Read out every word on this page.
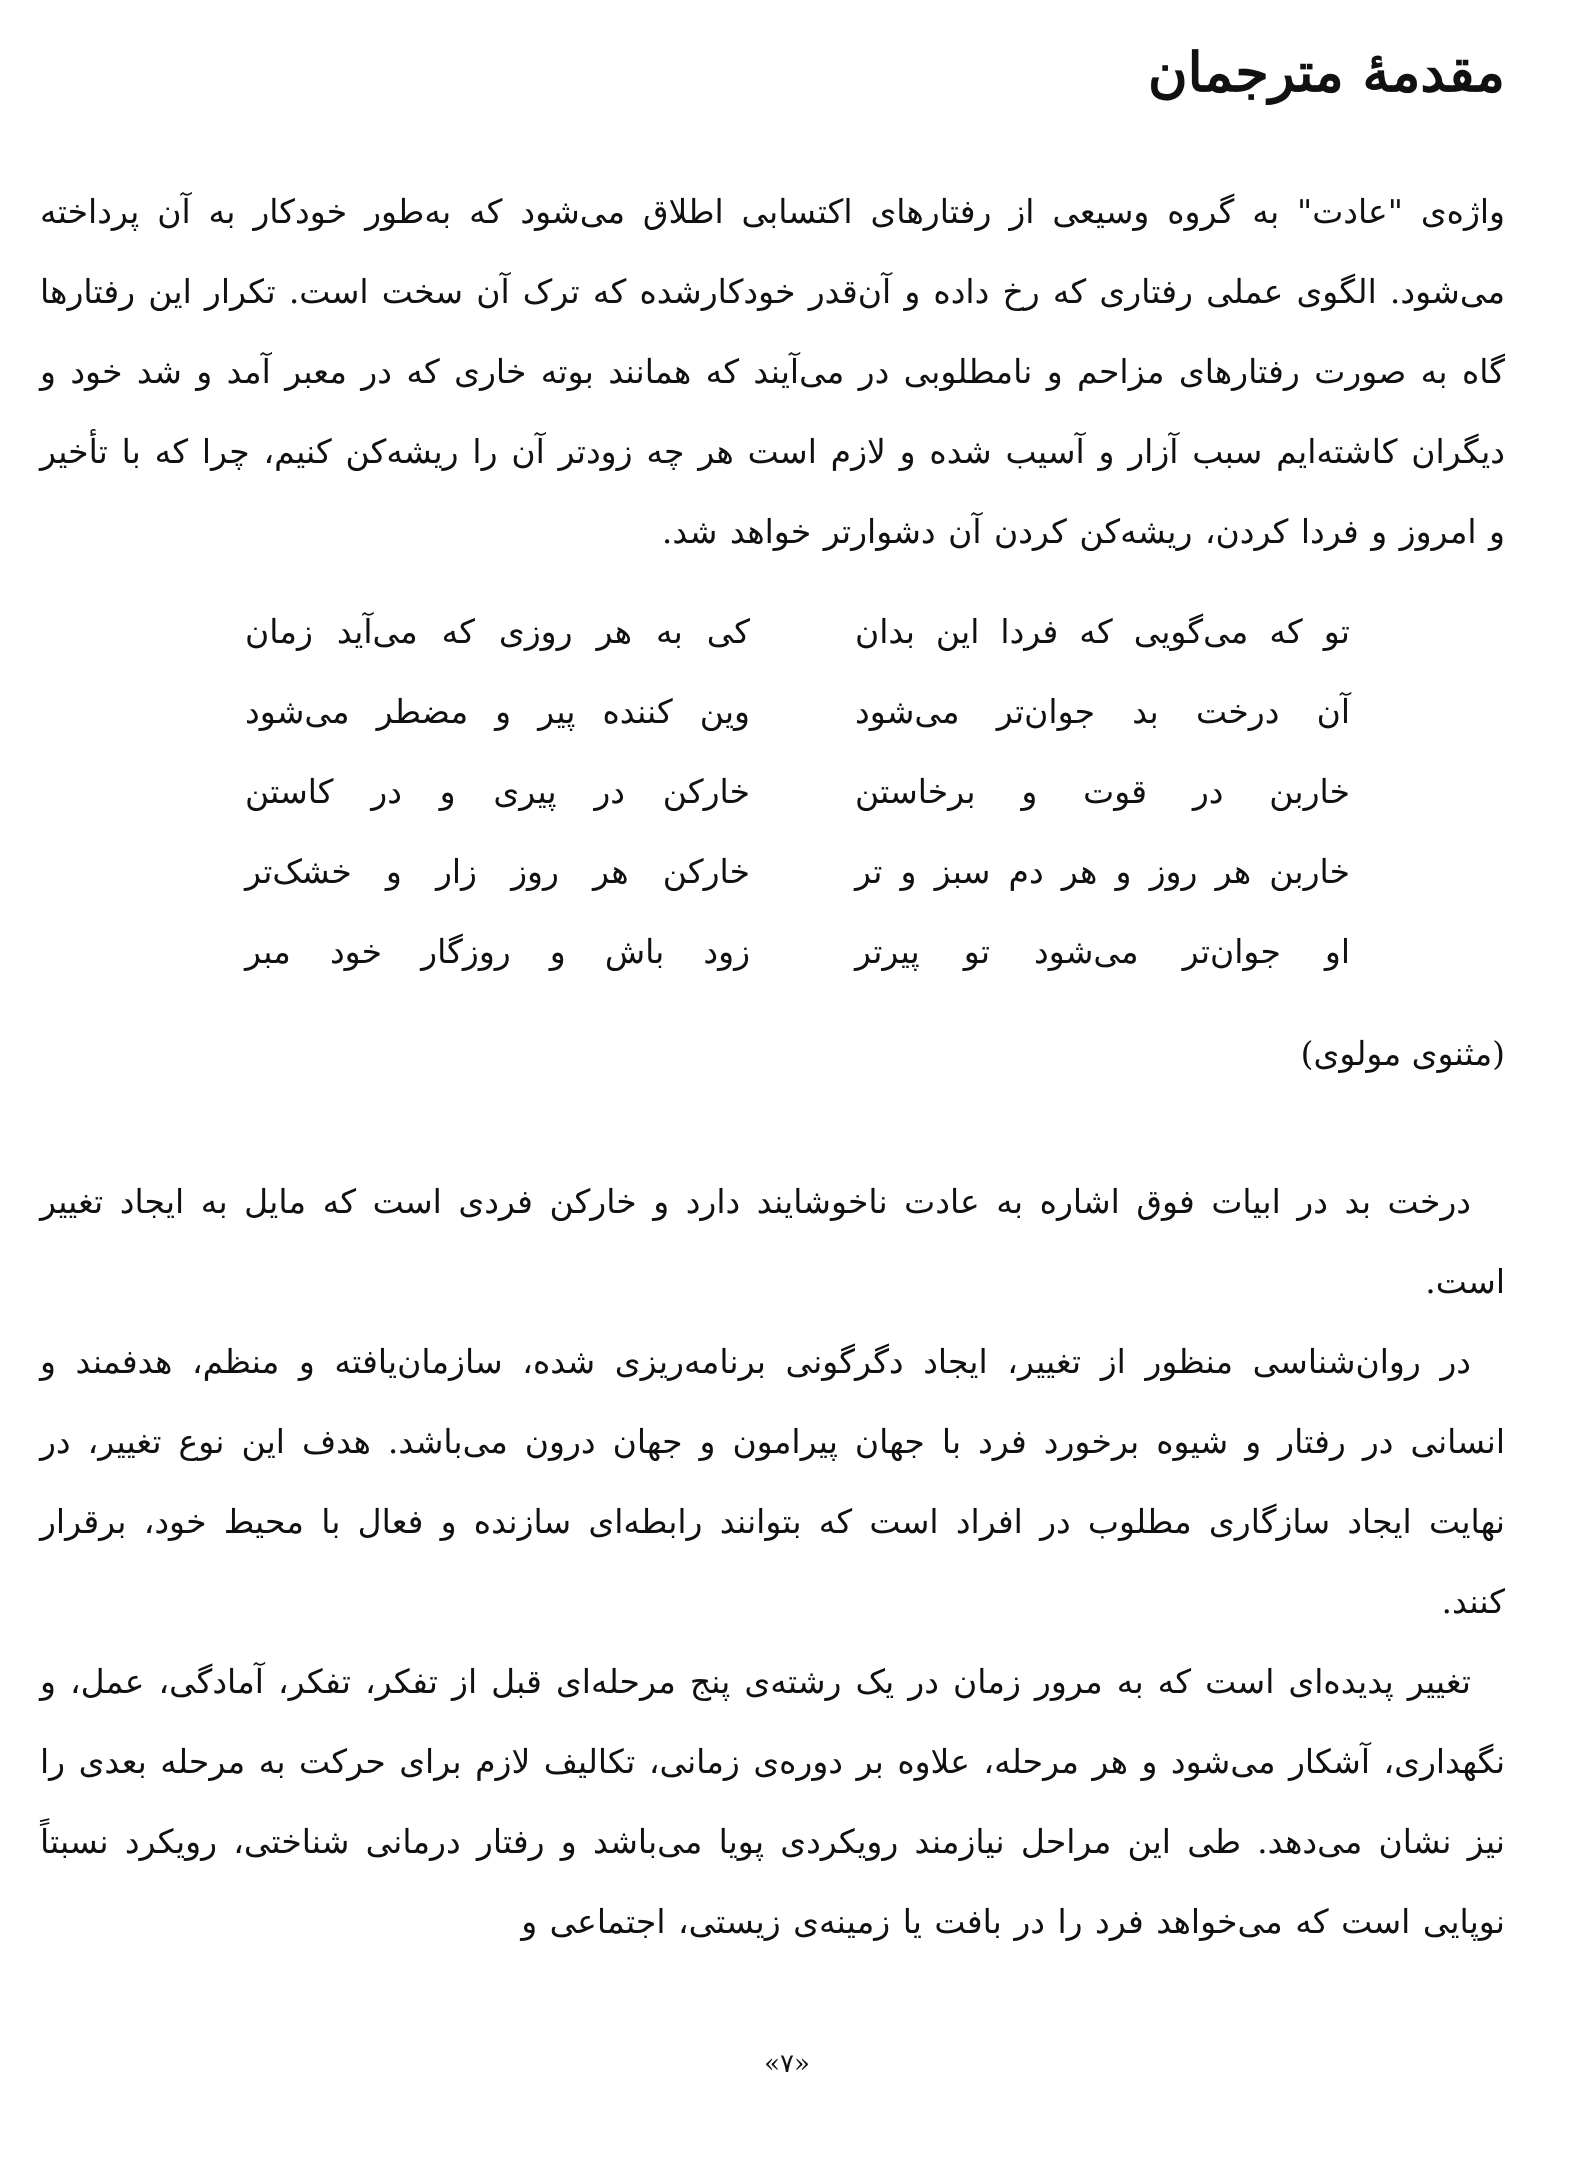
مقدمهٔ مترجمان

واژه‌ی "عادت" به گروه وسیعی از رفتارهای اکتسابی اطلاق می‌شود که به‌طور خودکار به آن پرداخته می‌شود. الگوی عملی رفتاری که رخ داده و آن‌قدر خودکارشده که ترک آن سخت است. تکرار این رفتارها گاه به صورت رفتارهای مزاحم و نامطلوبی در می‌آیند که همانند بوته خاری که در معبر آمد و شد خود و دیگران کاشته‌ایم سبب آزار و آسیب شده و لازم است هر چه زودتر آن را ریشه‌کن کنیم، چرا که با تأخیر و امروز و فردا کردن، ریشه‌کن کردن آن دشوارتر خواهد شد.

تو که می‌گویی که فردا این بدان
کی به هر روزی که می‌آید زمان
آن درخت بد جوان‌تر می‌شود
وین کننده پیر و مضطر می‌شود
خاربن در قوت و برخاستن
خارکن در پیری و در کاستن
خاربن هر روز و هر دم سبز و تر
خارکن هر روز زار و خشک‌تر
او جوان‌تر می‌شود تو پیرتر
زود باش و روزگار خود مبر
(مثنوی مولوی)

درخت بد در ابیات فوق اشاره به عادت ناخوشایند دارد و خارکن فردی است که مایل به ایجاد تغییر است.

در روان‌شناسی منظور از تغییر، ایجاد دگرگونی برنامه‌ریزی شده، سازمان‌یافته و منظم، هدفمند و انسانی در رفتار و شیوه برخورد فرد با جهان پیرامون و جهان درون می‌باشد. هدف این نوع تغییر، در نهایت ایجاد سازگاری مطلوب در افراد است که بتوانند رابطه‌ای سازنده و فعال با محیط خود، برقرار کنند.

تغییر پدیده‌ای است که به مرور زمان در یک رشته‌ی پنج مرحله‌ای قبل از تفکر، تفکر، آمادگی، عمل، و نگهداری، آشکار می‌شود و هر مرحله، علاوه بر دوره‌ی زمانی، تکالیف لازم برای حرکت به مرحله بعدی را نیز نشان می‌دهد. طی این مراحل نیازمند رویکردی پویا می‌باشد و رفتار درمانی شناختی، رویکرد نسبتاً نوپایی است که می‌خواهد فرد را در بافت یا زمینه‌ی زیستی، اجتماعی و

«۷»
